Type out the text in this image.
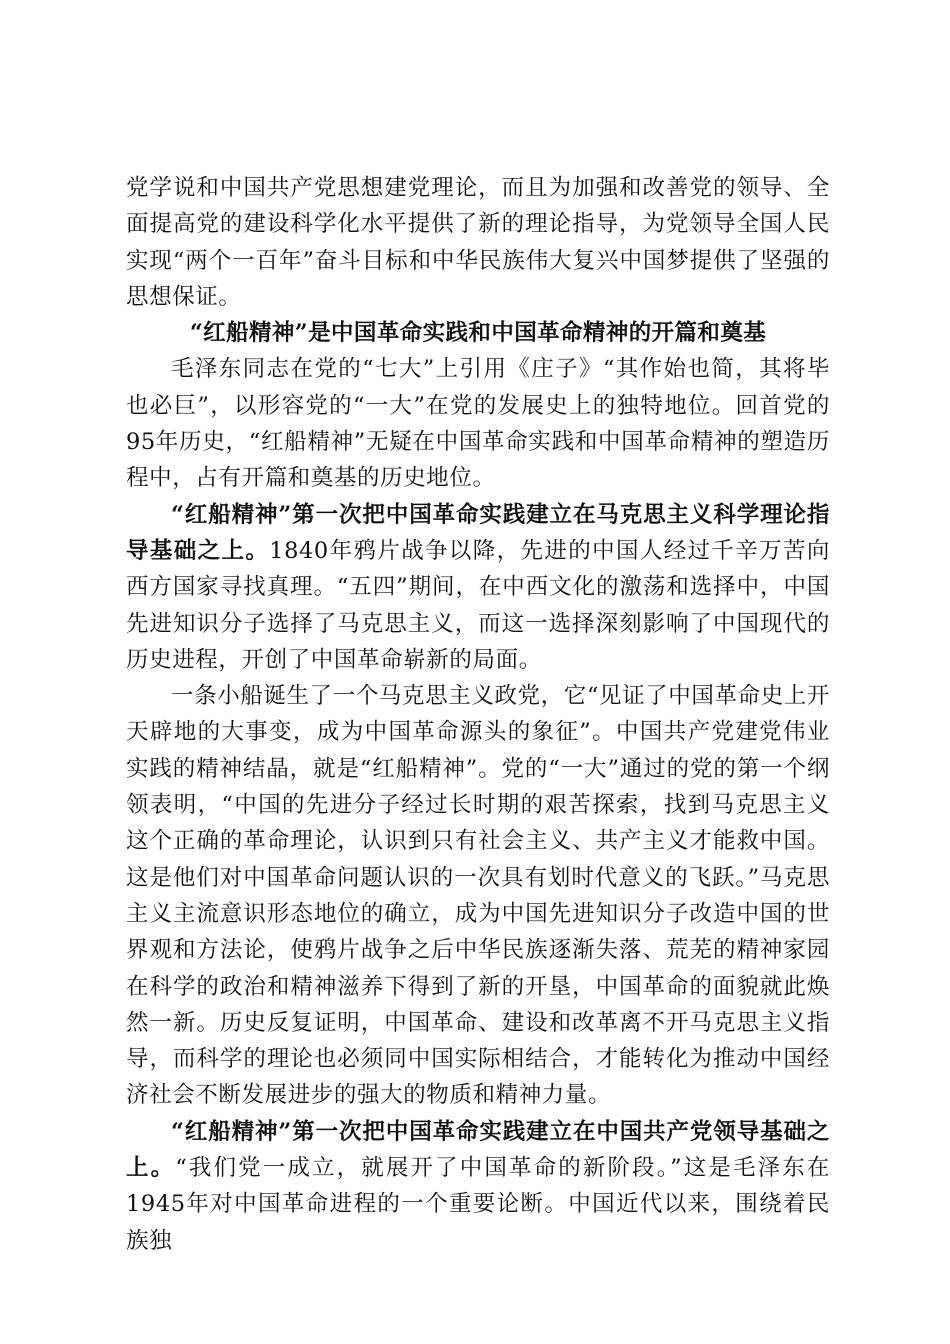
党学说和中国共产党思想建党理论，而且为加强和改善党的领导、全面提高党的建设科学化水平提供了新的理论指导，为党领导全国人民实现“两个一百年”奋斗目标和中华民族伟大复兴中国梦提供了坚强的思想保证。

“红船精神”是中国革命实践和中国革命精神的开篇和奠基

毛泽东同志在党的“七大”上引用《庄子》“其作始也简，其将毕也必巨”，以形容党的“一大”在党的发展史上的独特地位。回首党的95年历史，“红船精神”无疑在中国革命实践和中国革命精神的塑造历程中，占有开篇和奠基的历史地位。

“红船精神”第一次把中国革命实践建立在马克思主义科学理论指导基础之上。1840年鸦片战争以降，先进的中国人经过千辛万苦向西方国家寻找真理。“五四”期间，在中西文化的激荡和选择中，中国先进知识分子选择了马克思主义，而这一选择深刻影响了中国现代的历史进程，开创了中国革命崭新的局面。

一条小船诞生了一个马克思主义政党，它“见证了中国革命史上开天辟地的大事变，成为中国革命源头的象征”。中国共产党建党伟业实践的精神结晶，就是“红船精神”。党的“一大”通过的党的第一个纲领表明，“中国的先进分子经过长时期的艰苦探索，找到马克思主义这个正确的革命理论，认识到只有社会主义、共产主义才能救中国。这是他们对中国革命问题认识的一次具有划时代意义的飞跃。”马克思主义主流意识形态地位的确立，成为中国先进知识分子改造中国的世界观和方法论，使鸦片战争之后中华民族逐渐失落、荒芜的精神家园在科学的政治和精神滋养下得到了新的开垦，中国革命的面貌就此焕然一新。历史反复证明，中国革命、建设和改革离不开马克思主义指导，而科学的理论也必须同中国实际相结合，才能转化为推动中国经济社会不断发展进步的强大的物质和精神力量。

“红船精神”第一次把中国革命实践建立在中国共产党领导基础之上。“我们党一成立，就展开了中国革命的新阶段。”这是毛泽东在1945年对中国革命进程的一个重要论断。中国近代以来，围绕着民族独
